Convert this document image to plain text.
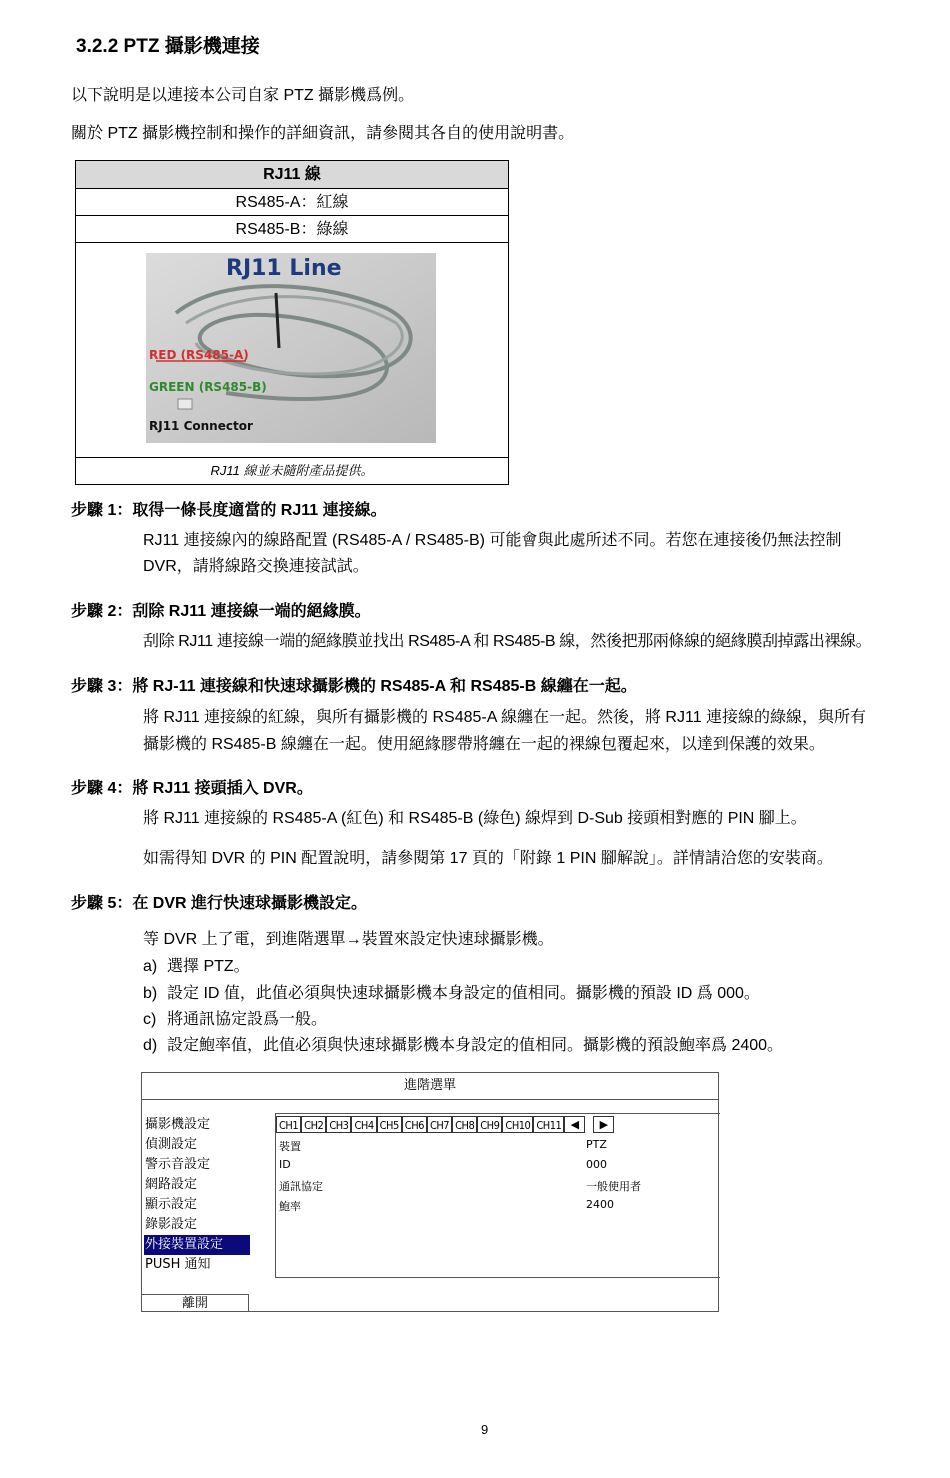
3.2.2 PTZ 攝影機連接
以下說明是以連接本公司自家 PTZ 攝影機爲例。
關於 PTZ 攝影機控制和操作的詳細資訊，請參閱其各自的使用說明書。
RJ11 線
RS485-A：紅線
RS485-B：綠線
RJ11 Line
RED (RS485-A)
GREEN (RS485-B)
RJ11 Connector
RJ11 線並未隨附產品提供。
步驟 1：取得一條長度適當的 RJ11 連接線。
RJ11 連接線內的線路配置 (RS485-A / RS485-B) 可能會與此處所述不同。若您在連接後仍無法控制
DVR，請將線路交換連接試試。
步驟 2：刮除 RJ11 連接線一端的絕緣膜。
刮除 RJ11 連接線一端的絕緣膜並找出 RS485-A 和 RS485-B 線，然後把那兩條線的絕緣膜刮掉露出裸線。
步驟 3：將 RJ-11 連接線和快速球攝影機的 RS485-A 和 RS485-B 線纏在一起。
將 RJ11 連接線的紅線，與所有攝影機的 RS485-A 線纏在一起。然後，將 RJ11 連接線的綠線，與所有
攝影機的 RS485-B 線纏在一起。使用絕緣膠帶將纏在一起的裸線包覆起來，以達到保護的效果。
步驟 4：將 RJ11 接頭插入 DVR。
將 RJ11 連接線的 RS485-A (紅色) 和 RS485-B (綠色) 線焊到 D-Sub 接頭相對應的 PIN 腳上。
如需得知 DVR 的 PIN 配置說明，請參閱第 17 頁的「附錄 1 PIN 腳解說」。詳情請洽您的安裝商。
步驟 5：在 DVR 進行快速球攝影機設定。
等 DVR 上了電，到進階選單→裝置來設定快速球攝影機。
a) 選擇 PTZ。
b) 設定 ID 值，此值必須與快速球攝影機本身設定的值相同。攝影機的預設 ID 爲 000。
c) 將通訊協定設爲一般。
d) 設定鮑率值，此值必須與快速球攝影機本身設定的值相同。攝影機的預設鮑率爲 2400。
進階選單
攝影機設定
偵測設定
警示音設定
網路設定
顯示設定
錄影設定
外接裝置設定
PUSH 通知
CH1 CH2 CH3 CH4 CH5 CH6 CH7 CH8 CH9 CH10 CH11 ◀	▶
裝置	PTZ
ID	000
通訊協定	一般使用者
鮑率	2400
離開
9
